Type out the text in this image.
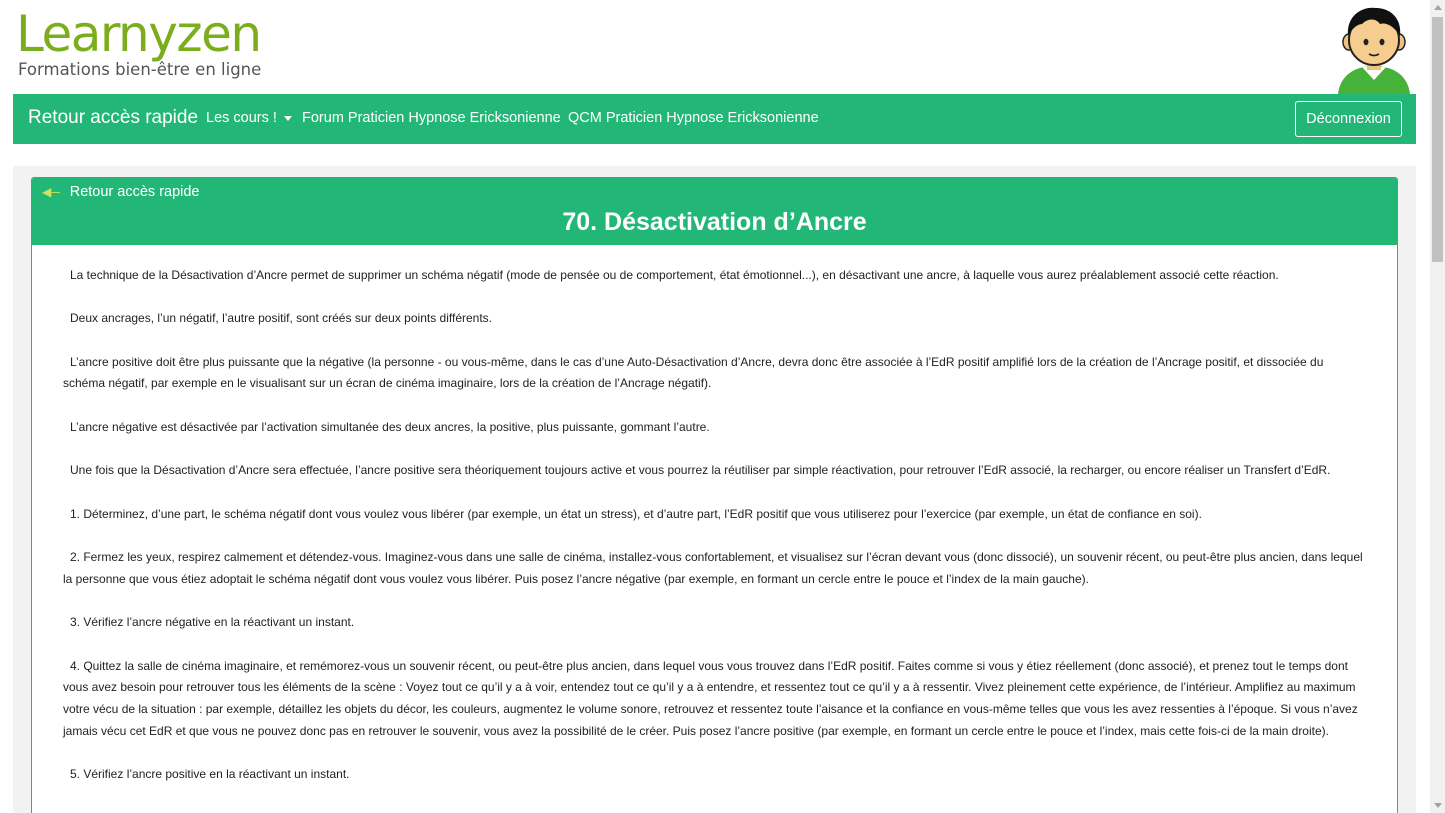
Learnyzen
Formations bien-être en ligne
Retour accès rapide Les cours !	Forum Praticien Hypnose Ericksonienne QCM Praticien Hypnose Ericksonienne	Déconnexion
◀─ Retour accès rapide
70. Désactivation d’Ancre

La technique de la Désactivation d’Ancre permet de supprimer un schéma négatif (mode de pensée ou de comportement, état émotionnel...), en désactivant une ancre, à laquelle vous aurez préalablement associé cette réaction.

Deux ancrages, l’un négatif, l’autre positif, sont créés sur deux points différents.

L’ancre positive doit être plus puissante que la négative (la personne - ou vous-même, dans le cas d’une Auto-Désactivation d’Ancre, devra donc être associée à l’EdR positif amplifié lors de la création de l’Ancrage positif, et dissociée du schéma négatif, par exemple en le visualisant sur un écran de cinéma imaginaire, lors de la création de l’Ancrage négatif).

L’ancre négative est désactivée par l’activation simultanée des deux ancres, la positive, plus puissante, gommant l’autre.

Une fois que la Désactivation d’Ancre sera effectuée, l’ancre positive sera théoriquement toujours active et vous pourrez la réutiliser par simple réactivation, pour retrouver l’EdR associé, la recharger, ou encore réaliser un Transfert d’EdR.

1. Déterminez, d’une part, le schéma négatif dont vous voulez vous libérer (par exemple, un état un stress), et d’autre part, l’EdR positif que vous utiliserez pour l’exercice (par exemple, un état de confiance en soi).

2. Fermez les yeux, respirez calmement et détendez-vous. Imaginez-vous dans une salle de cinéma, installez-vous confortablement, et visualisez sur l’écran devant vous (donc dissocié), un souvenir récent, ou peut-être plus ancien, dans lequel la personne que vous étiez adoptait le schéma négatif dont vous voulez vous libérer. Puis posez l’ancre négative (par exemple, en formant un cercle entre le pouce et l’index de la main gauche).

3. Vérifiez l’ancre négative en la réactivant un instant.

4. Quittez la salle de cinéma imaginaire, et remémorez-vous un souvenir récent, ou peut-être plus ancien, dans lequel vous vous trouvez dans l’EdR positif. Faites comme si vous y étiez réellement (donc associé), et prenez tout le temps dont vous avez besoin pour retrouver tous les éléments de la scène : Voyez tout ce qu’il y a à voir, entendez tout ce qu’il y a à entendre, et ressentez tout ce qu’il y a à ressentir. Vivez pleinement cette expérience, de l’intérieur. Amplifiez au maximum votre vécu de la situation : par exemple, détaillez les objets du décor, les couleurs, augmentez le volume sonore, retrouvez et ressentez toute l’aisance et la confiance en vous-même telles que vous les avez ressenties à l’époque. Si vous n’avez jamais vécu cet EdR et que vous ne pouvez donc pas en retrouver le souvenir, vous avez la possibilité de le créer. Puis posez l’ancre positive (par exemple, en formant un cercle entre le pouce et l’index, mais cette fois-ci de la main droite).

5. Vérifiez l’ancre positive en la réactivant un instant.
